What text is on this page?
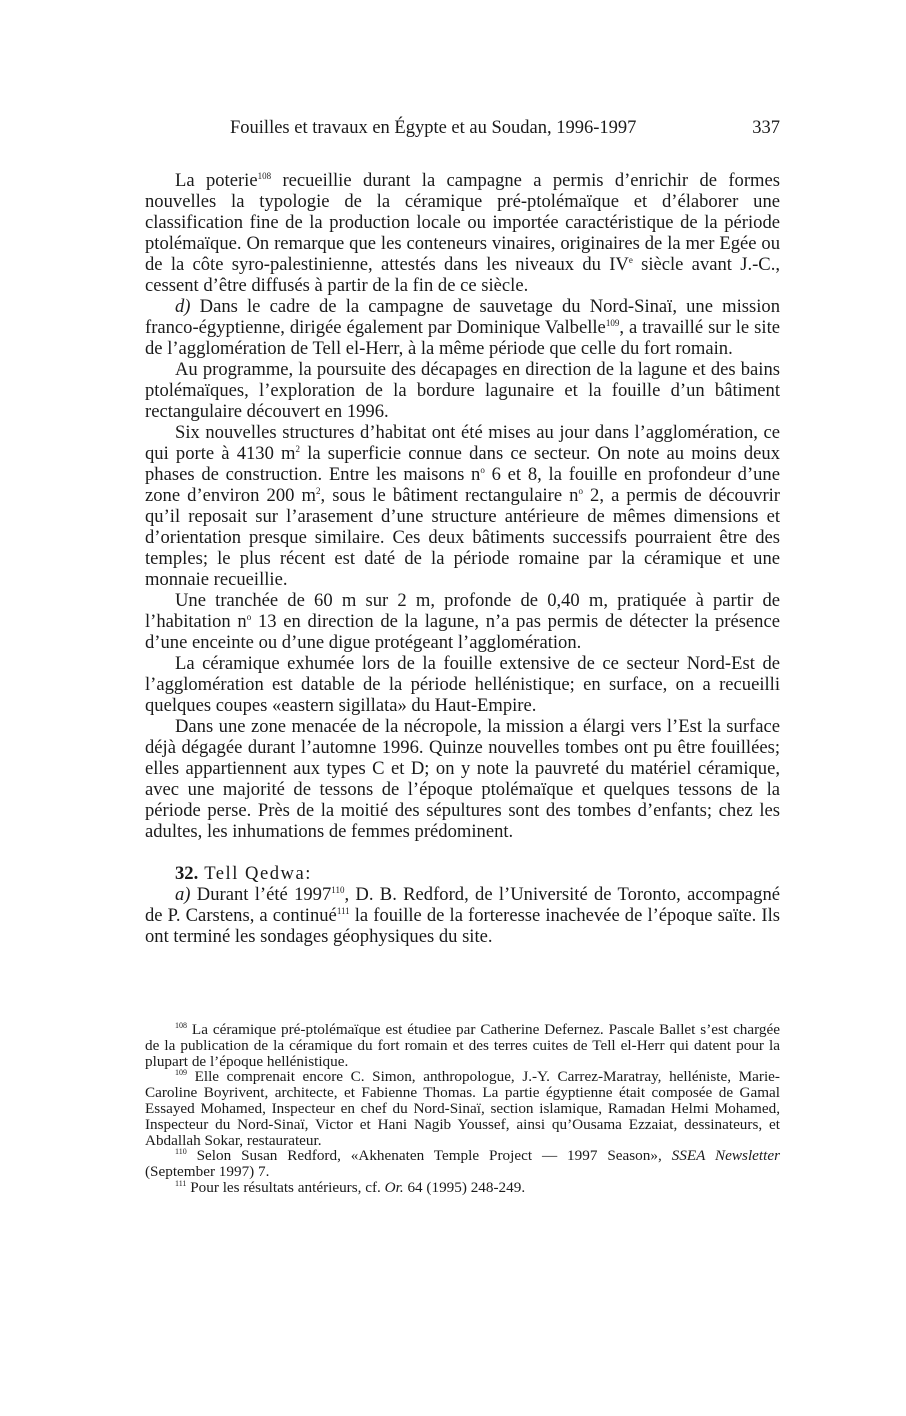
Fouilles et travaux en Égypte et au Soudan, 1996-1997	337

La poterie$^{108}$ recueillie durant la campagne a permis d’enrichir de formes nouvelles la typologie de la céramique pré-ptolémaïque et d’élaborer une classification fine de la production locale ou importée caractéristique de la période ptolémaïque. On remarque que les conteneurs vinaires, originaires de la mer Egée ou de la côte syro-palestinienne, attestés dans les niveaux du IVe siècle avant J.-C., cessent d’être diffusés à partir de la fin de ce siècle.

d) Dans le cadre de la campagne de sauvetage du Nord-Sinaï, une mission franco-égyptienne, dirigée également par Dominique Valbelle$^{109}$, a travaillé sur le site de l’agglomération de Tell el-Herr, à la même période que celle du fort romain.

Au programme, la poursuite des décapages en direction de la lagune et des bains ptolémaïques, l’exploration de la bordure lagunaire et la fouille d’un bâtiment rectangulaire découvert en 1996.

Six nouvelles structures d’habitat ont été mises au jour dans l’agglomération, ce qui porte à 4130 $m^2$ la superficie connue dans ce secteur. On note au moins deux phases de construction. Entre les maisons $n^o$ 6 et 8, la fouille en profondeur d’une zone d’environ 200 $m^2$, sous le bâtiment rectangulaire $n^o$ 2, a permis de découvrir qu’il reposait sur l’arasement d’une structure antérieure de mêmes dimensions et d’orientation presque similaire. Ces deux bâtiments successifs pourraient être des temples; le plus récent est daté de la période romaine par la céramique et une monnaie recueillie.

Une tranchée de 60 m sur 2 m, profonde de 0,40 m, pratiquée à partir de l’habitation $n^o$ 13 en direction de la lagune, n’a pas permis de détecter la présence d’une enceinte ou d’une digue protégeant l’agglomération.

La céramique exhumée lors de la fouille extensive de ce secteur Nord-Est de l’agglomération est datable de la période hellénistique; en surface, on a recueilli quelques coupes «eastern sigillata» du Haut-Empire.

Dans une zone menacée de la nécropole, la mission a élargi vers l’Est la surface déjà dégagée durant l’automne 1996. Quinze nouvelles tombes ont pu être fouillées; elles appartiennent aux types C et D; on y note la pauvreté du matériel céramique, avec une majorité de tessons de l’époque ptolémaïque et quelques tessons de la période perse. Près de la moitié des sépultures sont des tombes d’enfants; chez les adultes, les inhumations de femmes prédominent.

32. Tell Qedwa:

a) Durant l’été 1997$^{110}$, D. B. Redford, de l’Université de Toronto, accompagné de P. Carstens, a continué$^{111}$ la fouille de la forteresse inachevée de l’époque saïte. Ils ont terminé les sondages géophysiques du site.

$^{108}$ La céramique pré-ptolémaïque est étudiee par Catherine Defernez. Pascale Ballet s’est chargée de la publication de la céramique du fort romain et des terres cuites de Tell el-Herr qui datent pour la plupart de l’époque hellénistique.

$^{109}$ Elle comprenait encore C. Simon, anthropologue, J.-Y. Carrez-Maratray, helléniste, Marie-Caroline Boyrivent, architecte, et Fabienne Thomas. La partie égyptienne était composée de Gamal Essayed Mohamed, Inspecteur en chef du Nord-Sinaï, section islamique, Ramadan Helmi Mohamed, Inspecteur du Nord-Sinaï, Victor et Hani Nagib Youssef, ainsi qu’Ousama Ezzaiat, dessinateurs, et Abdallah Sokar, restaurateur.

$^{110}$ Selon Susan Redford, «Akhenaten Temple Project — 1997 Season», SSEA Newsletter (September 1997) 7.

$^{111}$ Pour les résultats antérieurs, cf. Or. 64 (1995) 248-249.
